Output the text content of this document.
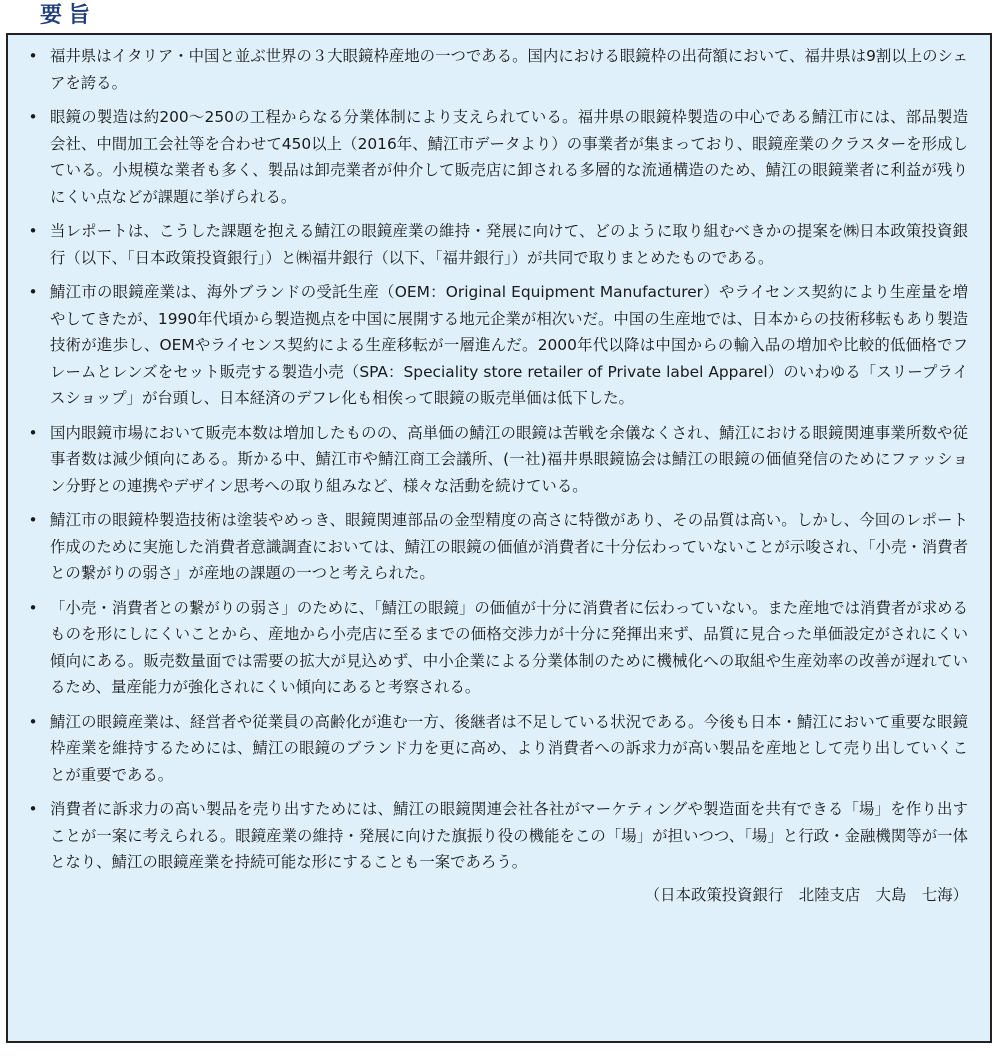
要旨
• 福井県はイタリア・中国と並ぶ世界の３大眼鏡枠産地の一つである。国内における眼鏡枠の出荷額において、福井県は9割以上のシェアを誇る。
• 眼鏡の製造は約200～250の工程からなる分業体制により支えられている。福井県の眼鏡枠製造の中心である鯖江市には、部品製造会社、中間加工会社等を合わせて450以上（2016年、鯖江市データより）の事業者が集まっており、眼鏡産業のクラスターを形成している。小規模な業者も多く、製品は卸売業者が仲介して販売店に卸される多層的な流通構造のため、鯖江の眼鏡業者に利益が残りにくい点などが課題に挙げられる。
• 当レポートは、こうした課題を抱える鯖江の眼鏡産業の維持・発展に向けて、どのように取り組むべきかの提案を㈱日本政策投資銀行（以下、「日本政策投資銀行」）と㈱福井銀行（以下、「福井銀行」）が共同で取りまとめたものである。
• 鯖江市の眼鏡産業は、海外ブランドの受託生産（OEM：Original Equipment Manufacturer）やライセンス契約により生産量を増やしてきたが、1990年代頃から製造拠点を中国に展開する地元企業が相次いだ。中国の生産地では、日本からの技術移転もあり製造技術が進歩し、OEMやライセンス契約による生産移転が一層進んだ。2000年代以降は中国からの輸入品の増加や比較的低価格でフレームとレンズをセット販売する製造小売（SPA：Speciality store retailer of Private label Apparel）のいわゆる「スリープライスショップ」が台頭し、日本経済のデフレ化も相俟って眼鏡の販売単価は低下した。
• 国内眼鏡市場において販売本数は増加したものの、高単価の鯖江の眼鏡は苦戦を余儀なくされ、鯖江における眼鏡関連事業所数や従事者数は減少傾向にある。斯かる中、鯖江市や鯖江商工会議所、(一社)福井県眼鏡協会は鯖江の眼鏡の価値発信のためにファッション分野との連携やデザイン思考への取り組みなど、様々な活動を続けている。
• 鯖江市の眼鏡枠製造技術は塗装やめっき、眼鏡関連部品の金型精度の高さに特徴があり、その品質は高い。しかし、今回のレポート作成のために実施した消費者意識調査においては、鯖江の眼鏡の価値が消費者に十分伝わっていないことが示唆され、「小売・消費者との繋がりの弱さ」が産地の課題の一つと考えられた。
• 「小売・消費者との繋がりの弱さ」のために、「鯖江の眼鏡」の価値が十分に消費者に伝わっていない。また産地では消費者が求めるものを形にしにくいことから、産地から小売店に至るまでの価格交渉力が十分に発揮出来ず、品質に見合った単価設定がされにくい傾向にある。販売数量面では需要の拡大が見込めず、中小企業による分業体制のために機械化への取組や生産効率の改善が遅れているため、量産能力が強化されにくい傾向にあると考察される。
• 鯖江の眼鏡産業は、経営者や従業員の高齢化が進む一方、後継者は不足している状況である。今後も日本・鯖江において重要な眼鏡枠産業を維持するためには、鯖江の眼鏡のブランド力を更に高め、より消費者への訴求力が高い製品を産地として売り出していくことが重要である。
• 消費者に訴求力の高い製品を売り出すためには、鯖江の眼鏡関連会社各社がマーケティングや製造面を共有できる「場」を作り出すことが一案に考えられる。眼鏡産業の維持・発展に向けた旗振り役の機能をこの「場」が担いつつ、「場」と行政・金融機関等が一体となり、鯖江の眼鏡産業を持続可能な形にすることも一案であろう。

（日本政策投資銀行　北陸支店　大島　七海）
